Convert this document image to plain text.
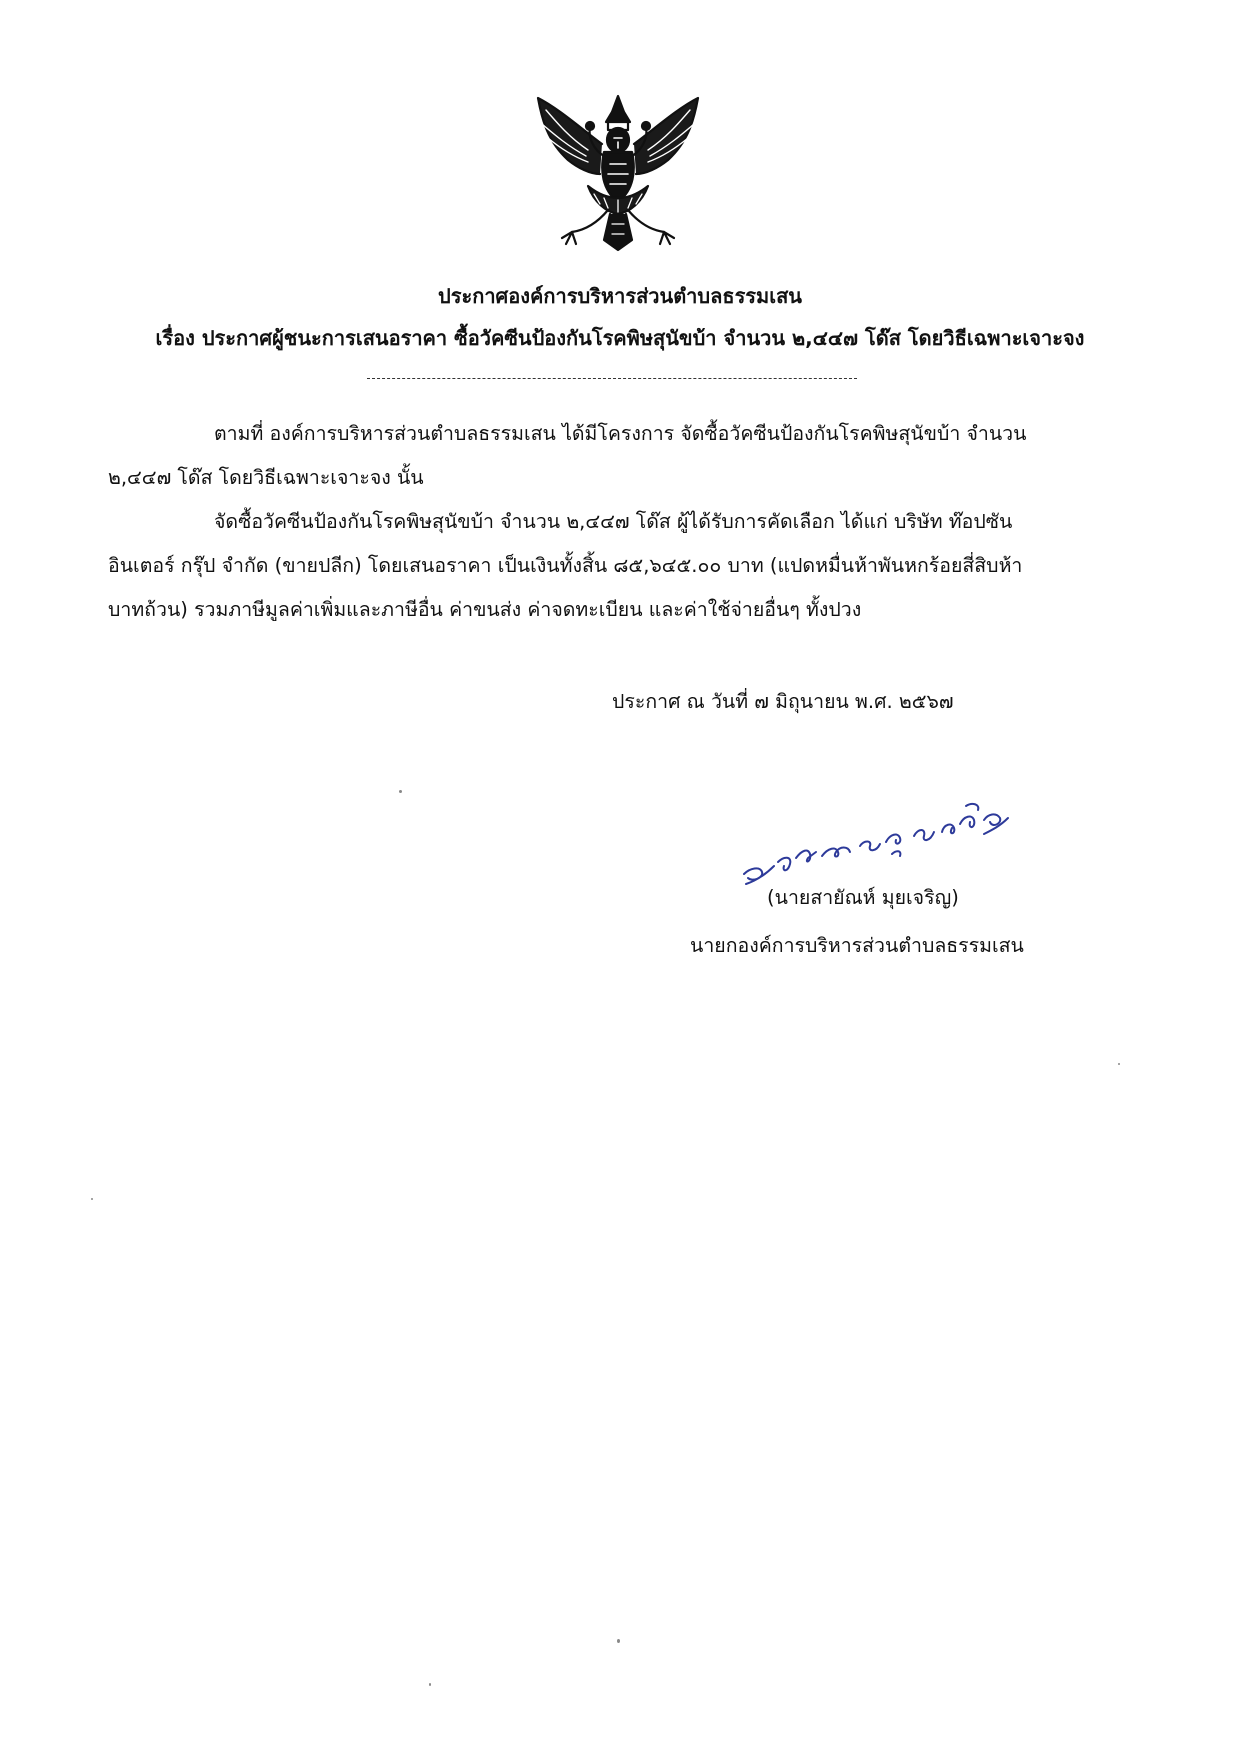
ประกาศองค์การบริหารส่วนตำบลธรรมเสน
เรื่อง ประกาศผู้ชนะการเสนอราคา ซื้อวัคซีนป้องกันโรคพิษสุนัขบ้า จำนวน ๒,๔๔๗ โด๊ส โดยวิธีเฉพาะเจาะจง
ตามที่ องค์การบริหารส่วนตำบลธรรมเสน ได้มีโครงการ จัดซื้อวัคซีนป้องกันโรคพิษสุนัขบ้า จำนวน
๒,๔๔๗ โด๊ส โดยวิธีเฉพาะเจาะจง นั้น
จัดซื้อวัคซีนป้องกันโรคพิษสุนัขบ้า จำนวน ๒,๔๔๗ โด๊ส ผู้ได้รับการคัดเลือก ได้แก่ บริษัท ท๊อปซัน
อินเตอร์ กรุ๊ป จำกัด (ขายปลีก) โดยเสนอราคา เป็นเงินทั้งสิ้น ๘๕,๖๔๕.๐๐ บาท (แปดหมื่นห้าพันหกร้อยสี่สิบห้า
บาทถ้วน) รวมภาษีมูลค่าเพิ่มและภาษีอื่น ค่าขนส่ง ค่าจดทะเบียน และค่าใช้จ่ายอื่นๆ ทั้งปวง
ประกาศ ณ วันที่ ๗ มิถุนายน พ.ศ. ๒๕๖๗
(นายสายัณห์ มุยเจริญ)
นายกองค์การบริหารส่วนตำบลธรรมเสน
